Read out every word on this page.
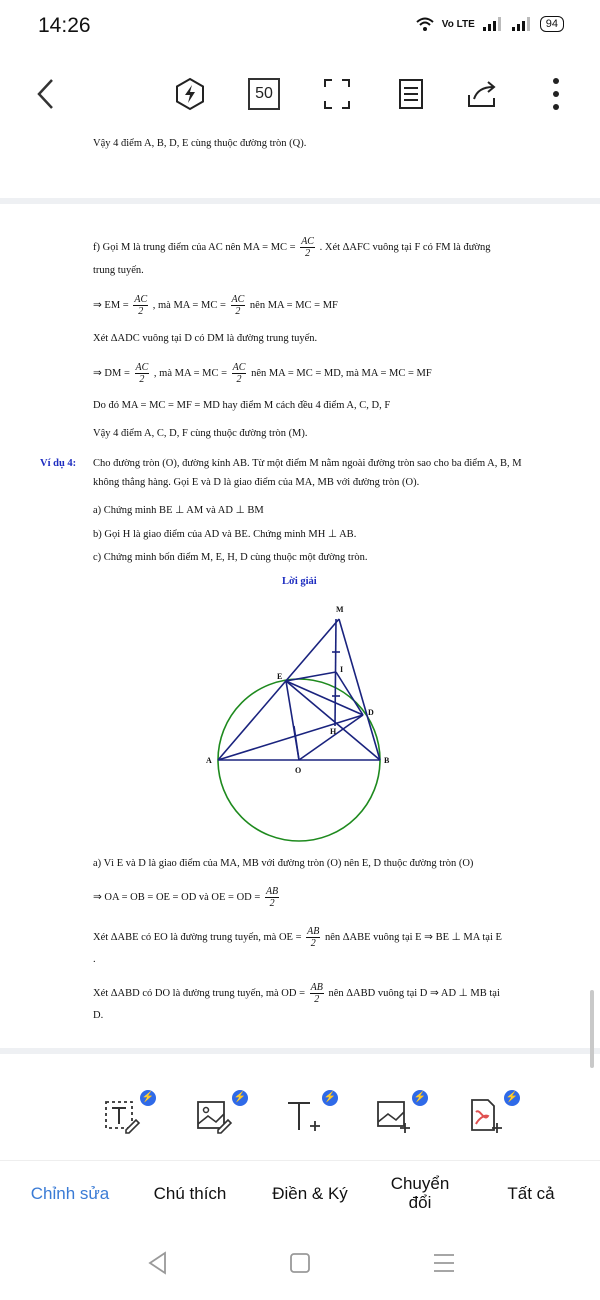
14:26	Vo LTE	94
50
Vậy 4 điểm A, B, D, E cùng thuộc đường tròn (Q).
f) Gọi M là trung điểm của AC nên MA = MC = $\frac{AC}{2}$ . Xét ΔAFC vuông tại F có FM là đường
trung tuyến.
⇒ EM = $\frac{AC}{2}$ , mà MA = MC = $\frac{AC}{2}$ nên MA = MC = MF
Xét ΔADC vuông tại D có DM là đường trung tuyến.
⇒ DM = $\frac{AC}{2}$ , mà MA = MC = $\frac{AC}{2}$ nên MA = MC = MD, mà MA = MC = MF
Do đó MA = MC = MF = MD hay điểm M cách đều 4 điểm A, C, D, F
Vậy 4 điểm A, C, D, F cùng thuộc đường tròn (M).
Ví dụ 4: Cho đường tròn (O), đường kính AB. Từ một điểm M nằm ngoài đường tròn sao cho ba điểm A, B, M
không thẳng hàng. Gọi E và D là giao điểm của MA, MB với đường tròn (O).
a) Chứng minh BE ⊥ AM và AD ⊥ BM
b) Gọi H là giao điểm của AD và BE. Chứng minh MH ⊥ AB.
c) Chứng minh bốn điểm M, E, H, D cùng thuộc một đường tròn.
Lời giải
M
E
I
D
H
A
O
B
a) Vì E và D là giao điểm của MA, MB với đường tròn (O) nên E, D thuộc đường tròn (O)
⇒ OA = OB = OE = OD và OE = OD = $\frac{AB}{2}$
Xét ΔABE có EO là đường trung tuyến, mà OE = $\frac{AB}{2}$ nên ΔABE vuông tại E ⇒ BE ⊥ MA tại E
.
Xét ΔABD có DO là đường trung tuyến, mà OD = $\frac{AB}{2}$ nên ΔABD vuông tại D ⇒ AD ⊥ MB tại
D.
⚡	⚡	⚡	⚡	⚡
Chỉnh sửa	Chú thích	Điền & Ký	Chuyển đổi	Tất cả
